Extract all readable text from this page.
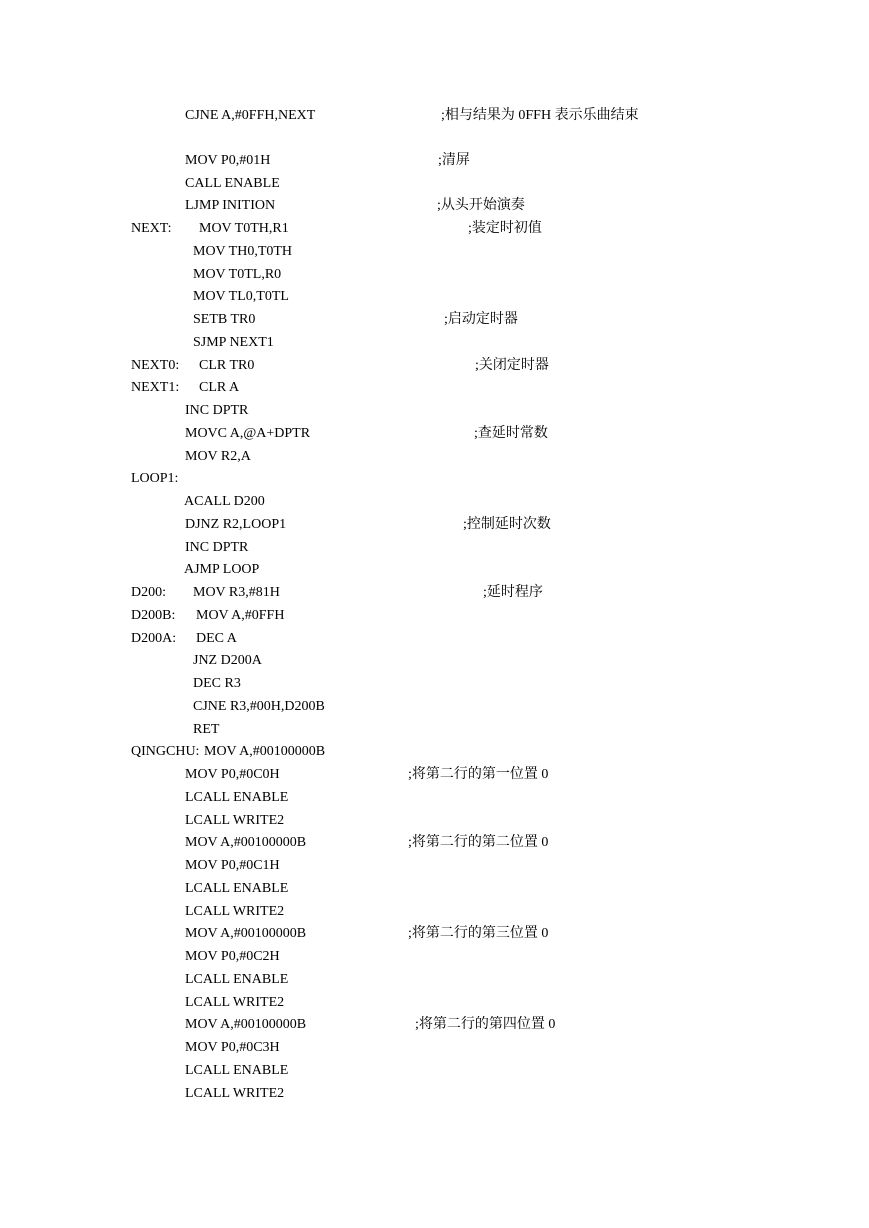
CJNE A,#0FFH,NEXT	;相与结果为 0FFH 表示乐曲结束
MOV P0,#01H	;清屏
CALL ENABLE
LJMP INITION	;从头开始演奏
NEXT: MOV T0TH,R1	;装定时初值
MOV TH0,T0TH
MOV T0TL,R0
MOV TL0,T0TL
SETB TR0	;启动定时器
SJMP NEXT1
NEXT0: CLR TR0	;关闭定时器
NEXT1: CLR A
INC DPTR
MOVC A,@A+DPTR	;查延时常数
MOV R2,A
LOOP1:
ACALL D200
DJNZ R2,LOOP1	;控制延时次数
INC DPTR
AJMP LOOP
D200: MOV R3,#81H	;延时程序
D200B: MOV A,#0FFH
D200A: DEC A
JNZ D200A
DEC R3
CJNE R3,#00H,D200B
RET
QINGCHU: MOV A,#00100000B
MOV P0,#0C0H	;将第二行的第一位置 0
LCALL ENABLE
LCALL WRITE2
MOV A,#00100000B	;将第二行的第二位置 0
MOV P0,#0C1H
LCALL ENABLE
LCALL WRITE2
MOV A,#00100000B	;将第二行的第三位置 0
MOV P0,#0C2H
LCALL ENABLE
LCALL WRITE2
MOV A,#00100000B	;将第二行的第四位置 0
MOV P0,#0C3H
LCALL ENABLE
LCALL WRITE2
